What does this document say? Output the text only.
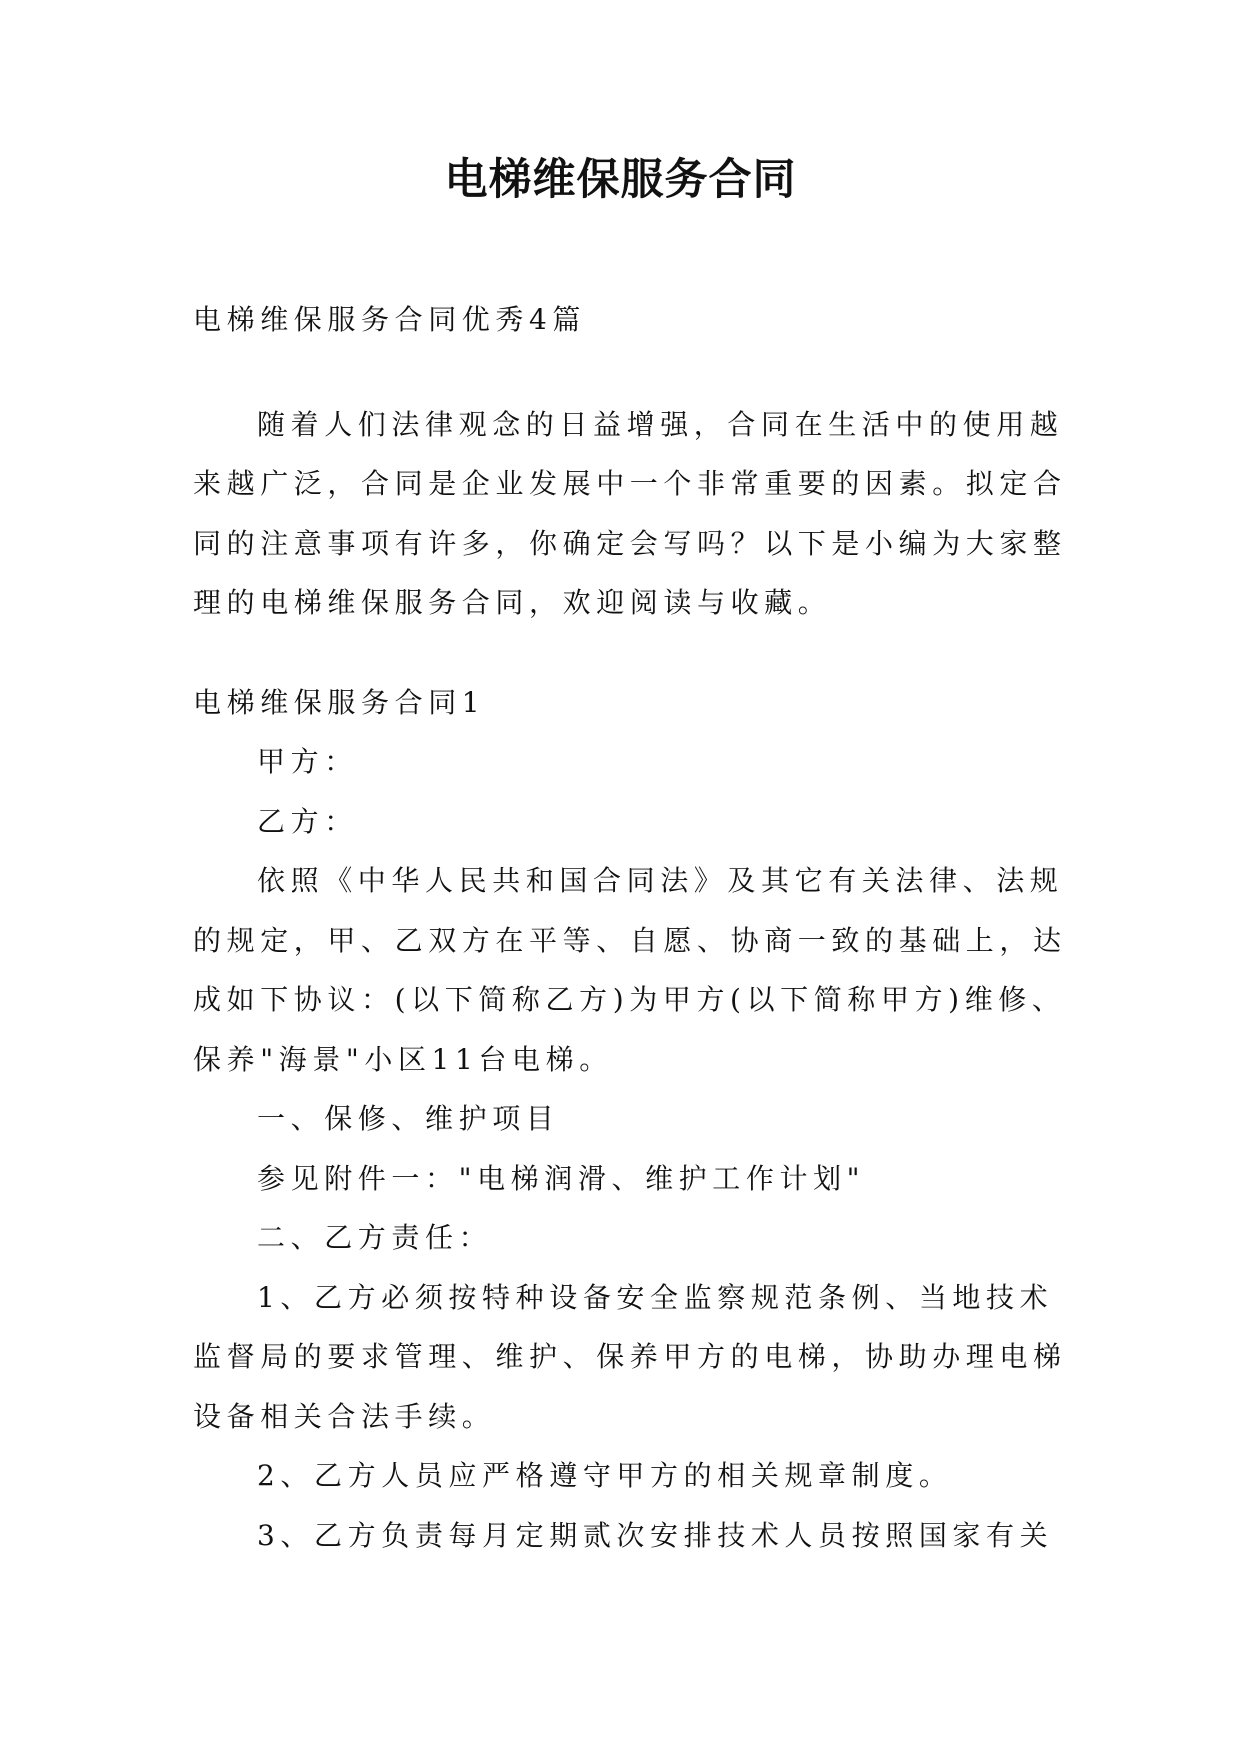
电梯维保服务合同

电梯维保服务合同优秀4篇

随着人们法律观念的日益增强，合同在生活中的使用越

来越广泛，合同是企业发展中一个非常重要的因素。拟定合

同的注意事项有许多，你确定会写吗？以下是小编为大家整

理的电梯维保服务合同，欢迎阅读与收藏。

电梯维保服务合同1

甲方：

乙方：

依照《中华人民共和国合同法》及其它有关法律、法规

的规定，甲、乙双方在平等、自愿、协商一致的基础上，达

成如下协议：(以下简称乙方)为甲方(以下简称甲方)维修、

保养"海景"小区11台电梯。

一、保修、维护项目

参见附件一："电梯润滑、维护工作计划"

二、乙方责任：

1、乙方必须按特种设备安全监察规范条例、当地技术

监督局的要求管理、维护、保养甲方的电梯，协助办理电梯

设备相关合法手续。

2、乙方人员应严格遵守甲方的相关规章制度。

3、乙方负责每月定期贰次安排技术人员按照国家有关
